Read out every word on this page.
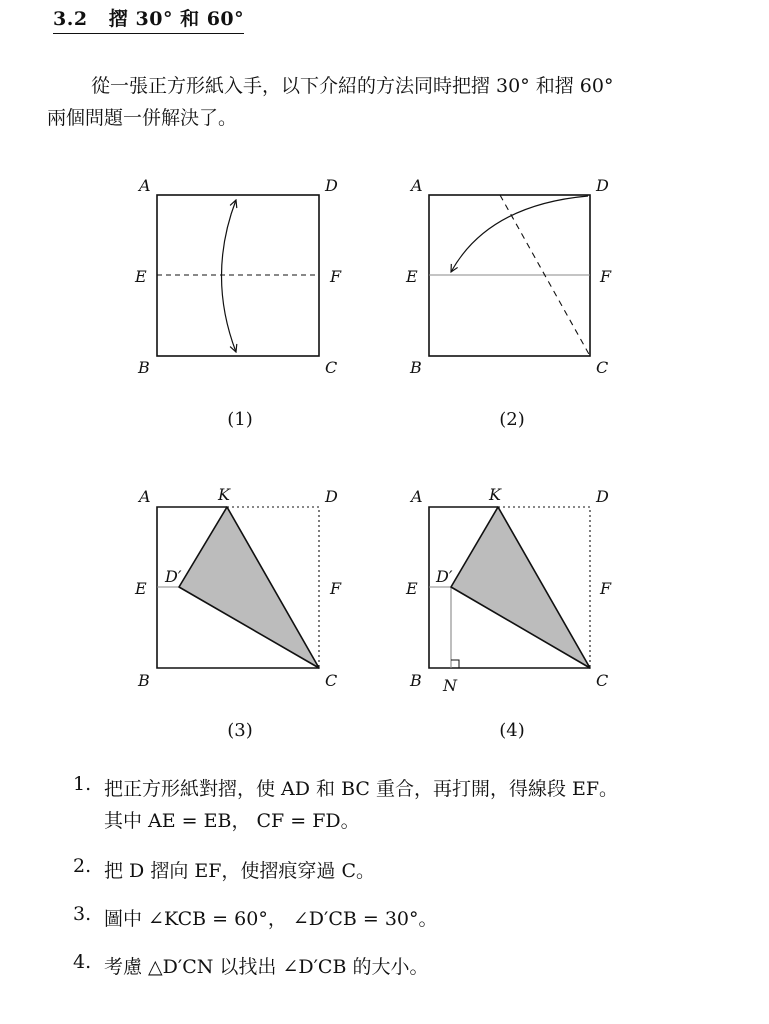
3.2 摺 30° 和 60°

從一張正方形紙入手，以下介紹的方法同時把摺 30° 和摺 60°
兩個問題一併解決了。

A	D
E	F
B	C
(1)
A	D
E	F
B	C
(2)
A	K	D
E
D′
F
B	C
(3)
A	K	D
E
D′
F
B N	C
(4)
1. 把正方形紙對摺，使 AD 和 BC 重合，再打開，得線段 EF。
其中 AE = EB， CF = FD。
2. 把 D 摺向 EF，使摺痕穿過 C。
3. 圖中 ∠KCB = 60°， ∠D′CB = 30°。
4. 考慮 △D′CN 以找出 ∠D′CB 的大小。
